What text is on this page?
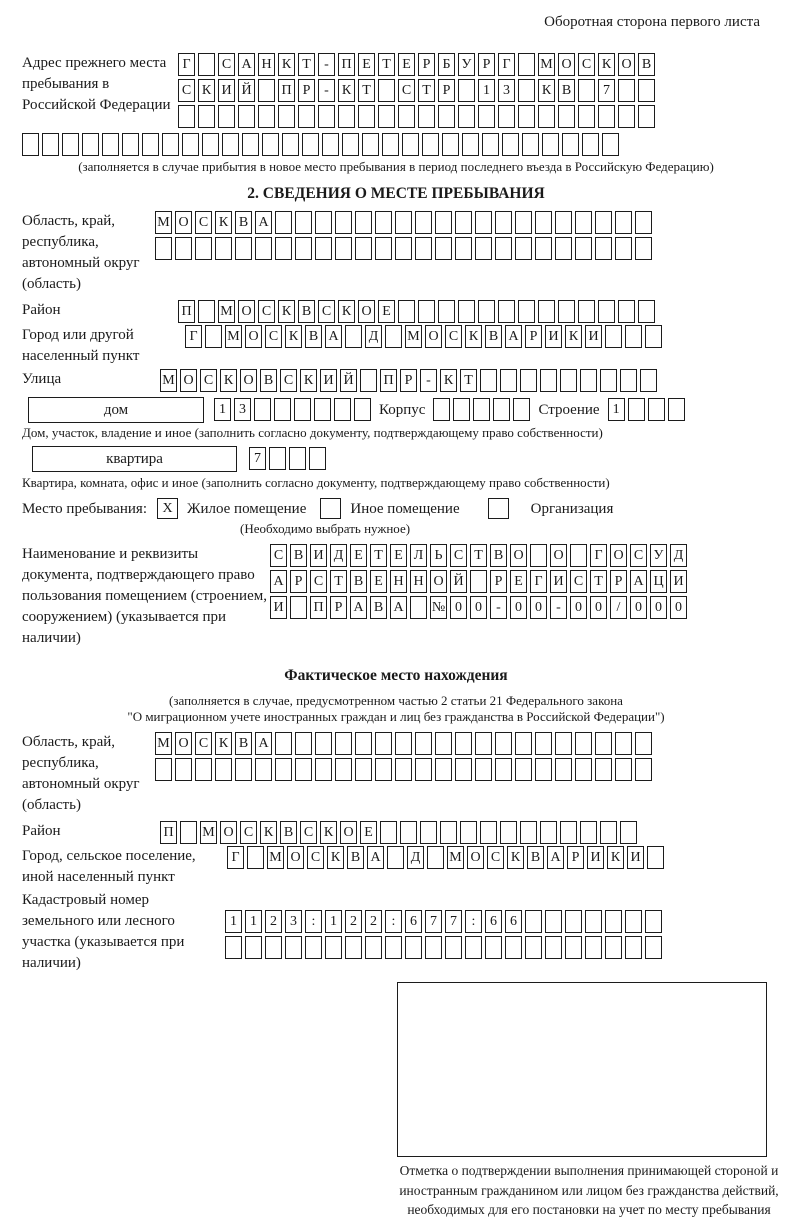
Оборотная сторона первого листа
Адрес прежнего места пребывания в Российской Федерации
Г	С А Н К Т - П Е Т Е Р Б У Р Г	М О С К О В
С К И Й П Р - К Т	С Т Р	1 3	К В	7
(заполняется в случае прибытия в новое место пребывания в период последнего въезда в Российскую Федерацию)
2. СВЕДЕНИЯ О МЕСТЕ ПРЕБЫВАНИЯ
Область, край, республика, автономный округ (область)
М О С К В А
Район	П М О С К В С К О Е
Город или другой населенный пункт
Г	М О С К В А Д М О С К В А Р И К И
Улица	М О С К О В С К И Й П Р - К Т
дом	1 3	Корпус	Строение 1
Дом, участок, владение и иное (заполнить согласно документу, подтверждающему право собственности)
квартира	7
Квартира, комната, офис и иное (заполнить согласно документу, подтверждающему право собственности)
Место пребывания:	X Жилое помещение	Иное помещение	Организация
(Необходимо выбрать нужное)
Наименование и реквизиты документа, подтверждающего право пользования помещением (строением, сооружением) (указывается при наличии)
С В И Д Е Т Е Л Ь С Т В О О	Г О С У Д
А Р С Т В Е Н Н О Й	Р Е Г И С Т Р А Ц И
И П Р А В А № 0 0	-	0 0	-	0 0	/	0 0 0
Фактическое место нахождения
(заполняется в случае, предусмотренном частью 2 статьи 21 Федерального закона
"О миграционном учете иностранных граждан и лиц без гражданства в Российской Федерации")
Область, край, республика, автономный округ (область)
М О С К В А
Район	П М О С К В С К О Е
Город, сельское поселение, иной населенный пункт
Г	М О С К В А Д М О С К В А Р И К И
Кадастровый номер земельного или лесного участка (указывается при наличии)
1 1 2 3	:	1 2 2	:	6 7 7	:	6 6
Отметка о подтверждении выполнения принимающей стороной и иностранным гражданином или лицом без гражданства действий, необходимых для его постановки на учет по месту пребывания
